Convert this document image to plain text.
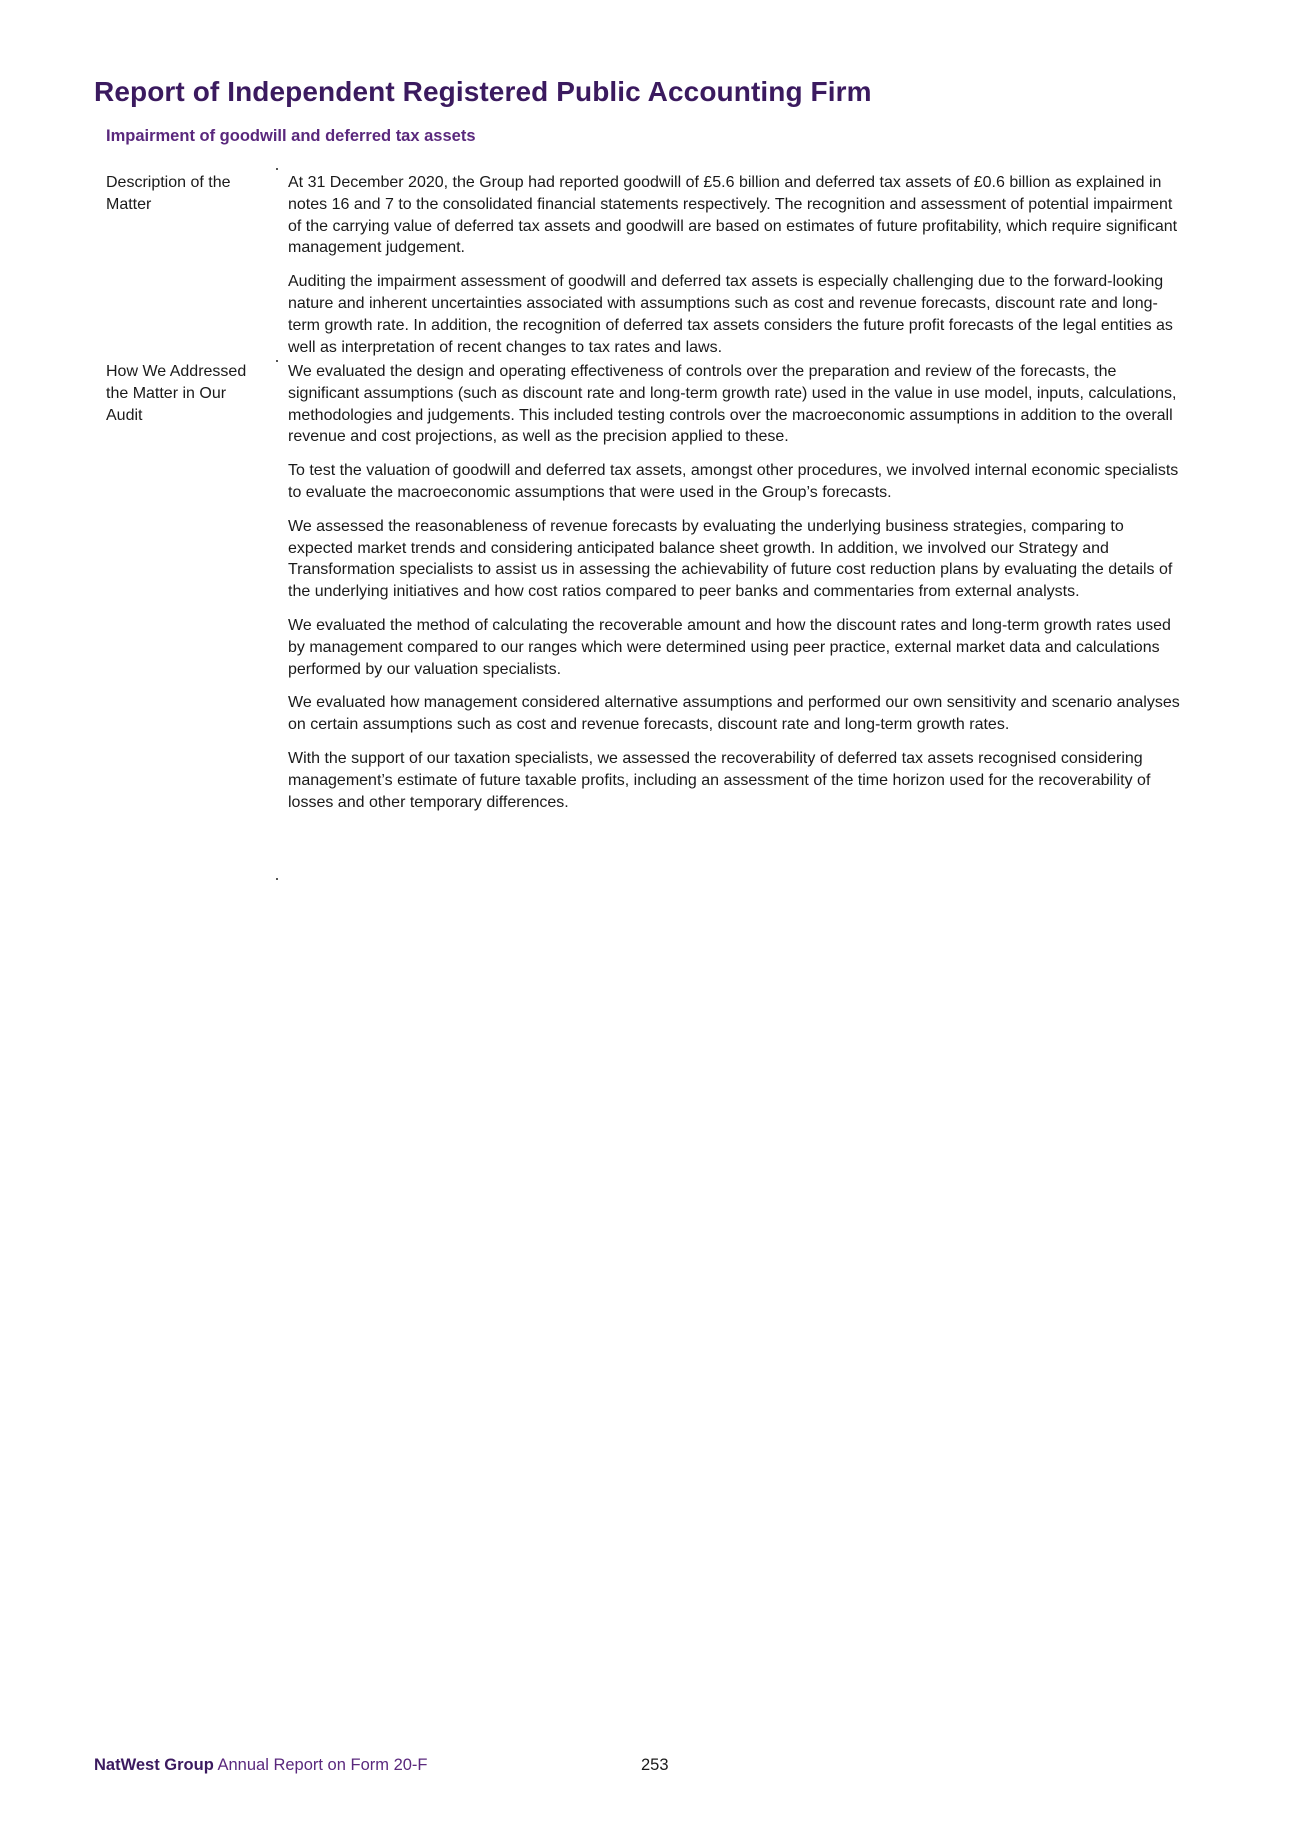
Report of Independent Registered Public Accounting Firm
Impairment of goodwill and deferred tax assets
Description of the Matter

At 31 December 2020, the Group had reported goodwill of £5.6 billion and deferred tax assets of £0.6 billion as explained in notes 16 and 7 to the consolidated financial statements respectively. The recognition and assessment of potential impairment of the carrying value of deferred tax assets and goodwill are based on estimates of future profitability, which require significant management judgement.

Auditing the impairment assessment of goodwill and deferred tax assets is especially challenging due to the forward-looking nature and inherent uncertainties associated with assumptions such as cost and revenue forecasts, discount rate and long-term growth rate. In addition, the recognition of deferred tax assets considers the future profit forecasts of the legal entities as well as interpretation of recent changes to tax rates and laws.

How We Addressed the Matter in Our Audit

We evaluated the design and operating effectiveness of controls over the preparation and review of the forecasts, the significant assumptions (such as discount rate and long-term growth rate) used in the value in use model, inputs, calculations, methodologies and judgements. This included testing controls over the macroeconomic assumptions in addition to the overall revenue and cost projections, as well as the precision applied to these.

To test the valuation of goodwill and deferred tax assets, amongst other procedures, we involved internal economic specialists to evaluate the macroeconomic assumptions that were used in the Group’s forecasts.

We assessed the reasonableness of revenue forecasts by evaluating the underlying business strategies, comparing to expected market trends and considering anticipated balance sheet growth. In addition, we involved our Strategy and Transformation specialists to assist us in assessing the achievability of future cost reduction plans by evaluating the details of the underlying initiatives and how cost ratios compared to peer banks and commentaries from external analysts.

We evaluated the method of calculating the recoverable amount and how the discount rates and long-term growth rates used by management compared to our ranges which were determined using peer practice, external market data and calculations performed by our valuation specialists.

We evaluated how management considered alternative assumptions and performed our own sensitivity and scenario analyses on certain assumptions such as cost and revenue forecasts, discount rate and long-term growth rates.

With the support of our taxation specialists, we assessed the recoverability of deferred tax assets recognised considering management’s estimate of future taxable profits, including an assessment of the time horizon used for the recoverability of losses and other temporary differences.

NatWest Group Annual Report on Form 20-F	253
